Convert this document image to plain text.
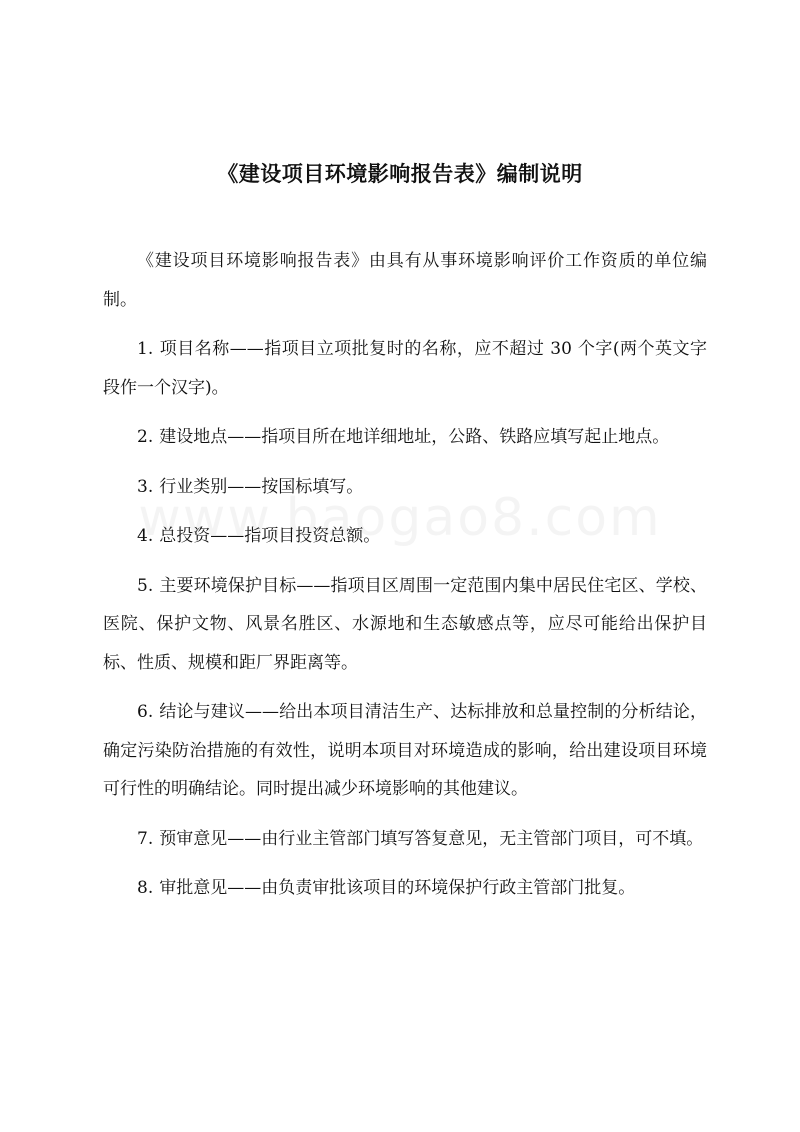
《建设项目环境影响报告表》编制说明

《建设项目环境影响报告表》由具有从事环境影响评价工作资质的单位编制。

1. 项目名称——指项目立项批复时的名称，应不超过 30 个字(两个英文字段作一个汉字)。

2. 建设地点——指项目所在地详细地址，公路、铁路应填写起止地点。

3. 行业类别——按国标填写。

4. 总投资——指项目投资总额。

5. 主要环境保护目标——指项目区周围一定范围内集中居民住宅区、学校、医院、保护文物、风景名胜区、水源地和生态敏感点等，应尽可能给出保护目标、性质、规模和距厂界距离等。

6. 结论与建议——给出本项目清洁生产、达标排放和总量控制的分析结论，确定污染防治措施的有效性，说明本项目对环境造成的影响，给出建设项目环境可行性的明确结论。同时提出减少环境影响的其他建议。

7. 预审意见——由行业主管部门填写答复意见，无主管部门项目，可不填。

8. 审批意见——由负责审批该项目的环境保护行政主管部门批复。
